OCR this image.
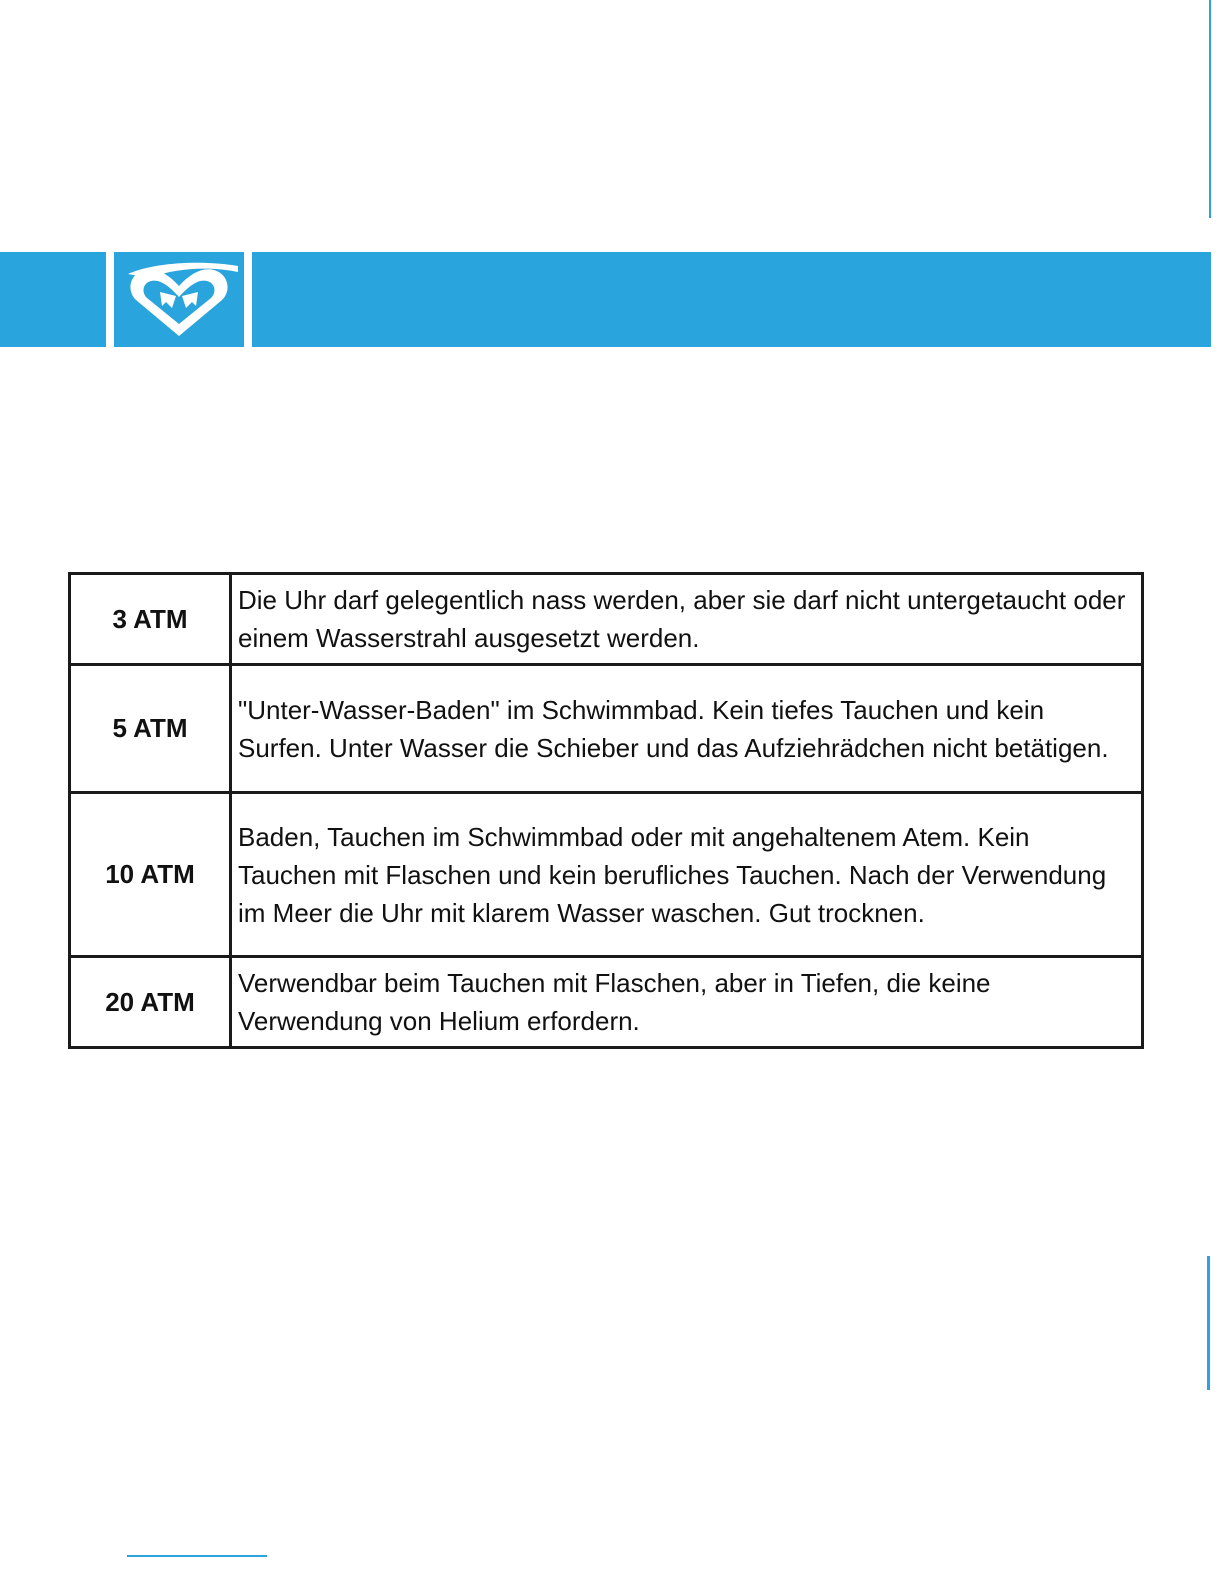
3 ATM	Die Uhr darf gelegentlich nass werden, aber sie darf nicht untergetaucht oder einem Wasserstrahl ausgesetzt werden.
5 ATM	"Unter-Wasser-Baden" im Schwimmbad. Kein tiefes Tauchen und kein Surfen. Unter Wasser die Schieber und das Aufziehrädchen nicht betätigen.
10 ATM	Baden, Tauchen im Schwimmbad oder mit angehaltenem Atem. Kein Tauchen mit Flaschen und kein berufliches Tauchen. Nach der Verwendung im Meer die Uhr mit klarem Wasser waschen. Gut trocknen.
20 ATM	Verwendbar beim Tauchen mit Flaschen, aber in Tiefen, die keine Verwendung von Helium erfordern.
